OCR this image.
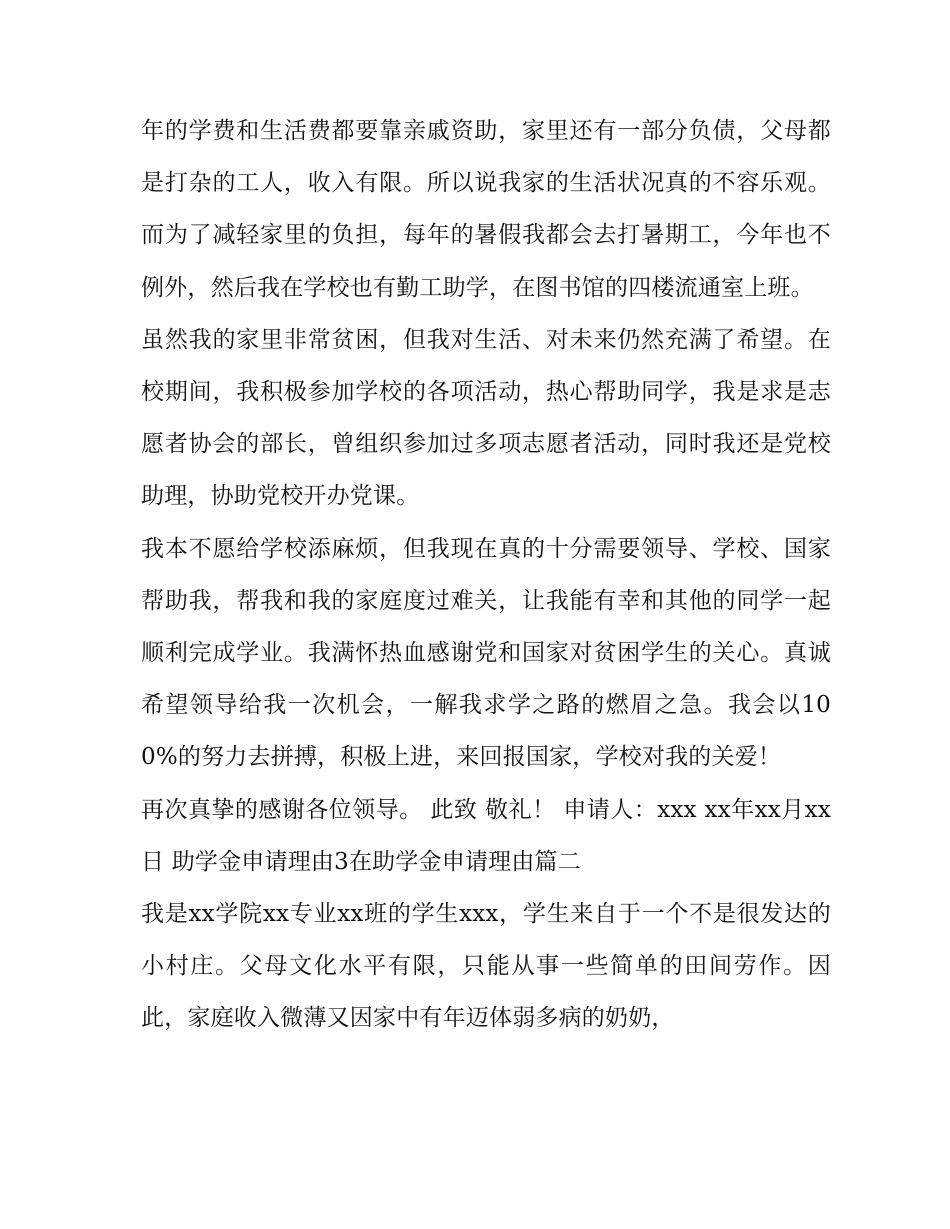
年的学费和生活费都要靠亲戚资助，家里还有一部分负债，父母都是打杂的工人，收入有限。所以说我家的生活状况真的不容乐观。而为了减轻家里的负担，每年的暑假我都会去打暑期工，今年也不例外，然后我在学校也有勤工助学，在图书馆的四楼流通室上班。

虽然我的家里非常贫困，但我对生活、对未来仍然充满了希望。在校期间，我积极参加学校的各项活动，热心帮助同学，我是求是志愿者协会的部长，曾组织参加过多项志愿者活动，同时我还是党校助理，协助党校开办党课。

我本不愿给学校添麻烦，但我现在真的十分需要领导、学校、国家帮助我，帮我和我的家庭度过难关，让我能有幸和其他的同学一起顺利完成学业。我满怀热血感谢党和国家对贫困学生的关心。真诚希望领导给我一次机会，一解我求学之路的燃眉之急。我会以100%的努力去拼搏，积极上进，来回报国家，学校对我的关爱！

再次真挚的感谢各位领导。 此致 敬礼！ 申请人：xxx xx年xx月xx日 助学金申请理由3在助学金申请理由篇二

我是xx学院xx专业xx班的学生xxx，学生来自于一个不是很发达的小村庄。父母文化水平有限，只能从事一些简单的田间劳作。因此，家庭收入微薄又因家中有年迈体弱多病的奶奶，
